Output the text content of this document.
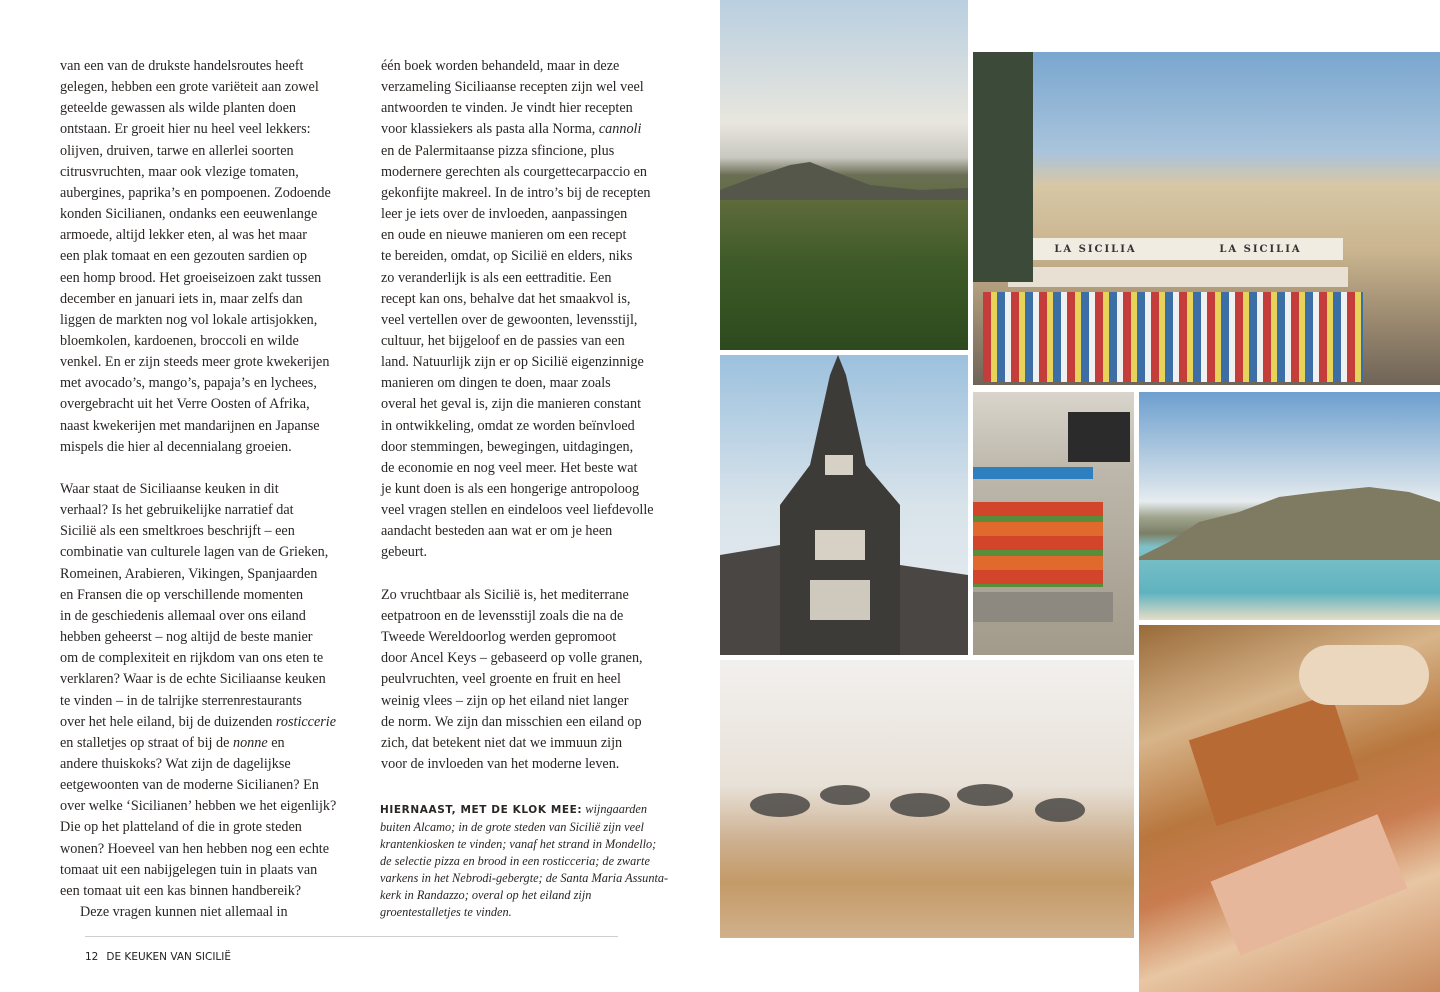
van een van de drukste handelsroutes heeft
gelegen, hebben een grote variëteit aan zowel
geteelde gewassen als wilde planten doen
ontstaan. Er groeit hier nu heel veel lekkers:
olijven, druiven, tarwe en allerlei soorten
citrusvruchten, maar ook vlezige tomaten,
aubergines, paprika’s en pompoenen. Zodoende
konden Sicilianen, ondanks een eeuwenlange
armoede, altijd lekker eten, al was het maar
een plak tomaat en een gezouten sardien op
een homp brood. Het groeiseizoen zakt tussen
december en januari iets in, maar zelfs dan
liggen de markten nog vol lokale artisjokken,
bloemkolen, kardoenen, broccoli en wilde
venkel. En er zijn steeds meer grote kwekerijen
met avocado’s, mango’s, papaja’s en lychees,
overgebracht uit het Verre Oosten of Afrika,
naast kwekerijen met mandarijnen en Japanse
mispels die hier al decennialang groeien.
Waar staat de Siciliaanse keuken in dit
verhaal? Is het gebruikelijke narratief dat
Sicilië als een smeltkroes beschrijft – een
combinatie van culturele lagen van de Grieken,
Romeinen, Arabieren, Vikingen, Spanjaarden
en Fransen die op verschillende momenten
in de geschiedenis allemaal over ons eiland
hebben geheerst – nog altijd de beste manier
om de complexiteit en rijkdom van ons eten te
verklaren? Waar is de echte Siciliaanse keuken
te vinden – in de talrijke sterrenrestaurants
over het hele eiland, bij de duizenden rosticcerie
en stalletjes op straat of bij de nonne en
andere thuiskoks? Wat zijn de dagelijkse
eetgewoonten van de moderne Sicilianen? En
over welke ‘Sicilianen’ hebben we het eigenlijk?
Die op het platteland of die in grote steden
wonen? Hoeveel van hen hebben nog een echte
tomaat uit een nabijgelegen tuin in plaats van
een tomaat uit een kas binnen handbereik?
Deze vragen kunnen niet allemaal in
één boek worden behandeld, maar in deze
verzameling Siciliaanse recepten zijn wel veel
antwoorden te vinden. Je vindt hier recepten
voor klassiekers als pasta alla Norma, cannoli
en de Palermitaanse pizza sfincione, plus
modernere gerechten als courgettecarpaccio en
gekonfijte makreel. In de intro’s bij de recepten
leer je iets over de invloeden, aanpassingen
en oude en nieuwe manieren om een recept
te bereiden, omdat, op Sicilië en elders, niks
zo veranderlijk is als een eettraditie. Een
recept kan ons, behalve dat het smaakvol is,
veel vertellen over de gewoonten, levensstijl,
cultuur, het bijgeloof en de passies van een
land. Natuurlijk zijn er op Sicilië eigenzinnige
manieren om dingen te doen, maar zoals
overal het geval is, zijn die manieren constant
in ontwikkeling, omdat ze worden beïnvloed
door stemmingen, bewegingen, uitdagingen,
de economie en nog veel meer. Het beste wat
je kunt doen is als een hongerige antropoloog
veel vragen stellen en eindeloos veel liefdevolle
aandacht besteden aan wat er om je heen
gebeurt.
Zo vruchtbaar als Sicilië is, het mediterrane
eetpatroon en de levensstijl zoals die na de
Tweede Wereldoorlog werden gepromoot
door Ancel Keys – gebaseerd op volle granen,
peulvruchten, veel groente en fruit en heel
weinig vlees – zijn op het eiland niet langer
de norm. We zijn dan misschien een eiland op
zich, dat betekent niet dat we immuun zijn
voor de invloeden van het moderne leven.
HIERNAAST, MET DE KLOK MEE: wijngaarden buiten Alcamo; in de grote steden van Sicilië zijn veel krantenkiosken te vinden; vanaf het strand in Mondello; de selectie pizza en brood in een rosticceria; de zwarte varkens in het Nebrodi-gebergte; de Santa Maria Assunta-kerk in Randazzo; overal op het eiland zijn groentestalletjes te vinden.
12 DE KEUKEN VAN SICILIË
LA SICILIA	LA SICILIA
